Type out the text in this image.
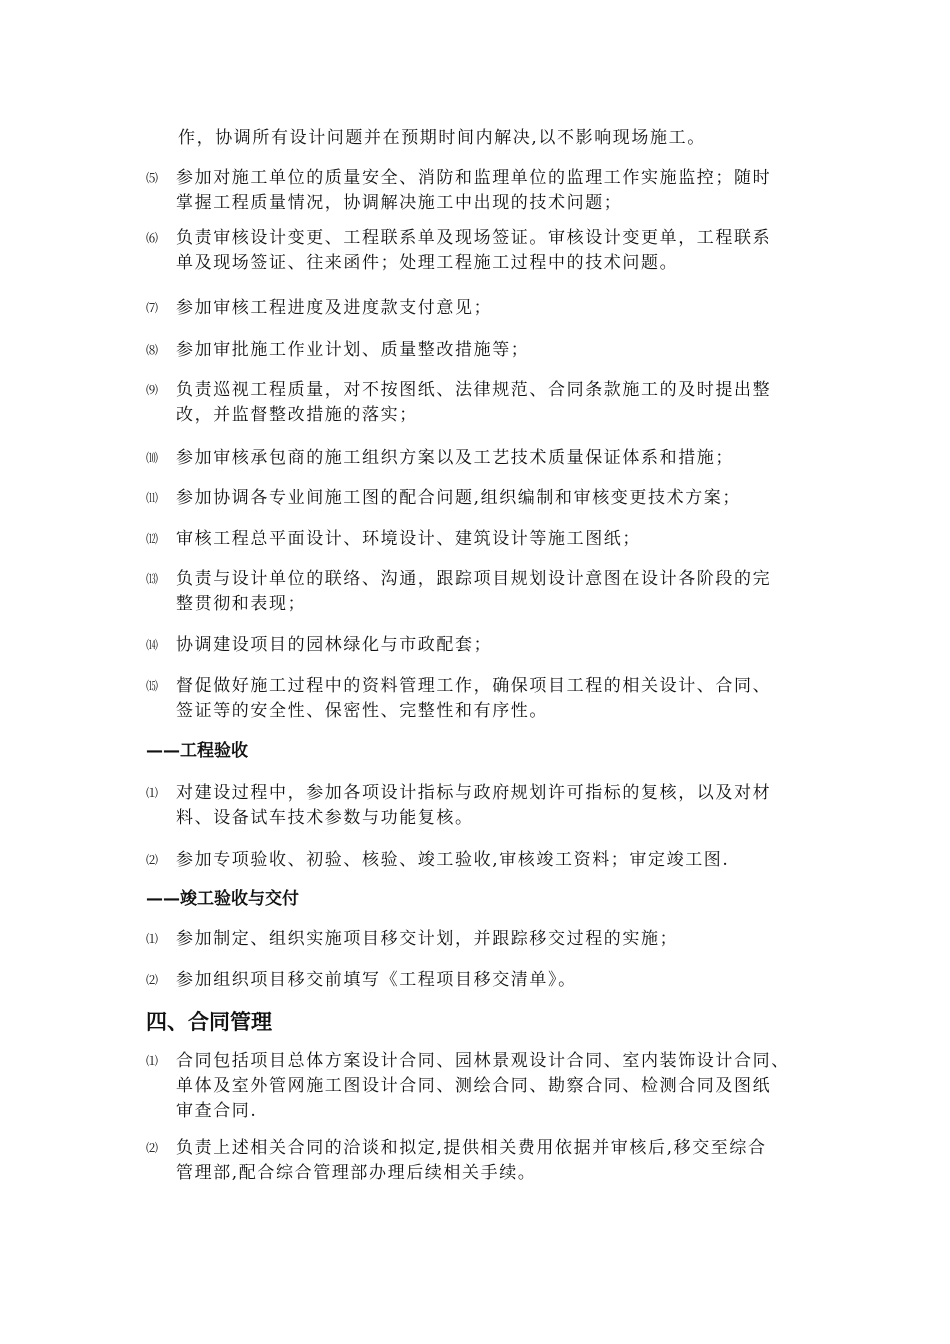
作，协调所有设计问题并在预期时间内解决,以不影响现场施工。
⑸ 参加对施工单位的质量安全、消防和监理单位的监理工作实施监控；随时
掌握工程质量情况，协调解决施工中出现的技术问题；
⑹ 负责审核设计变更、工程联系单及现场签证。审核设计变更单，工程联系
单及现场签证、往来函件；处理工程施工过程中的技术问题。
⑺ 参加审核工程进度及进度款支付意见；
⑻ 参加审批施工作业计划、质量整改措施等；
⑼ 负责巡视工程质量，对不按图纸、法律规范、合同条款施工的及时提出整
改，并监督整改措施的落实；
⑽ 参加审核承包商的施工组织方案以及工艺技术质量保证体系和措施；
⑾ 参加协调各专业间施工图的配合问题,组织编制和审核变更技术方案；
⑿ 审核工程总平面设计、环境设计、建筑设计等施工图纸；
⒀ 负责与设计单位的联络、沟通，跟踪项目规划设计意图在设计各阶段的完
整贯彻和表现；
⒁ 协调建设项目的园林绿化与市政配套；
⒂ 督促做好施工过程中的资料管理工作，确保项目工程的相关设计、合同、
签证等的安全性、保密性、完整性和有序性。
——工程验收
⑴ 对建设过程中，参加各项设计指标与政府规划许可指标的复核，以及对材
料、设备试车技术参数与功能复核。
⑵ 参加专项验收、初验、核验、竣工验收,审核竣工资料；审定竣工图.
——竣工验收与交付
⑴ 参加制定、组织实施项目移交计划，并跟踪移交过程的实施；
⑵ 参加组织项目移交前填写《工程项目移交清单》。
四、合同管理
⑴ 合同包括项目总体方案设计合同、园林景观设计合同、室内装饰设计合同、
单体及室外管网施工图设计合同、测绘合同、勘察合同、检测合同及图纸
审查合同.
⑵ 负责上述相关合同的洽谈和拟定,提供相关费用依据并审核后,移交至综合
管理部,配合综合管理部办理后续相关手续。
